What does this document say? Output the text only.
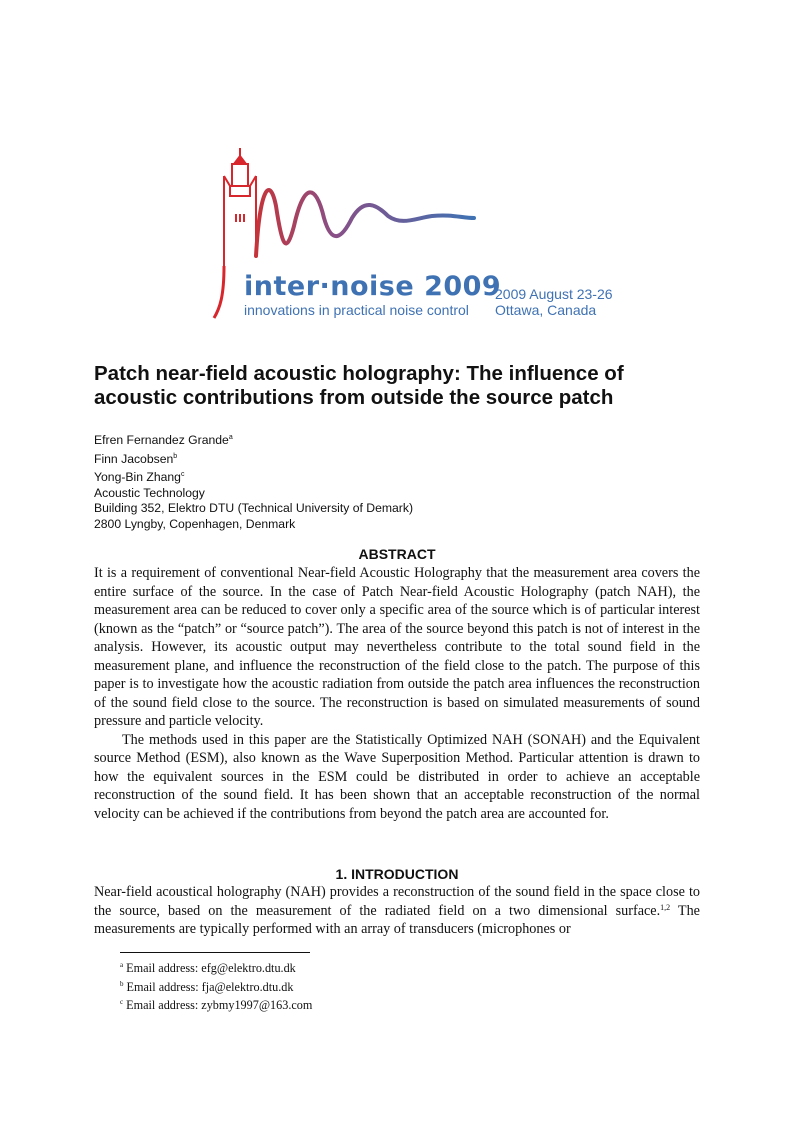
inter·noise 2009
innovations in practical noise control
2009 August 23-26
Ottawa, Canada
Patch near-field acoustic holography: The influence of acoustic contributions from outside the source patch
Efren Fernandez Grande$^a$
Finn Jacobsen$^b$
Yong-Bin Zhang$^c$
Acoustic Technology
Building 352, Elektro DTU (Technical University of Demark)
2800 Lyngby, Copenhagen, Denmark
ABSTRACT

It is a requirement of conventional Near-field Acoustic Holography that the measurement area covers the entire surface of the source. In the case of Patch Near-field Acoustic Holography (patch NAH), the measurement area can be reduced to cover only a specific area of the source which is of particular interest (known as the “patch” or “source patch”). The area of the source beyond this patch is not of interest in the analysis. However, its acoustic output may nevertheless contribute to the total sound field in the measurement plane, and influence the reconstruction of the field close to the patch. The purpose of this paper is to investigate how the acoustic radiation from outside the patch area influences the reconstruction of the sound field close to the source. The reconstruction is based on simulated measurements of sound pressure and particle velocity.

The methods used in this paper are the Statistically Optimized NAH (SONAH) and the Equivalent source Method (ESM), also known as the Wave Superposition Method. Particular attention is drawn to how the equivalent sources in the ESM could be distributed in order to achieve an acceptable reconstruction of the sound field. It has been shown that an acceptable reconstruction of the normal velocity can be achieved if the contributions from beyond the patch area are accounted for.

1. INTRODUCTION

Near-field acoustical holography (NAH) provides a reconstruction of the sound field in the space close to the source, based on the measurement of the radiated field on a two dimensional surface.$^{1,2}$ The measurements are typically performed with an array of transducers (microphones or

$^a$ Email address: efg@elektro.dtu.dk
$^b$ Email address: fja@elektro.dtu.dk
$^c$ Email address: zybmy1997@163.com
